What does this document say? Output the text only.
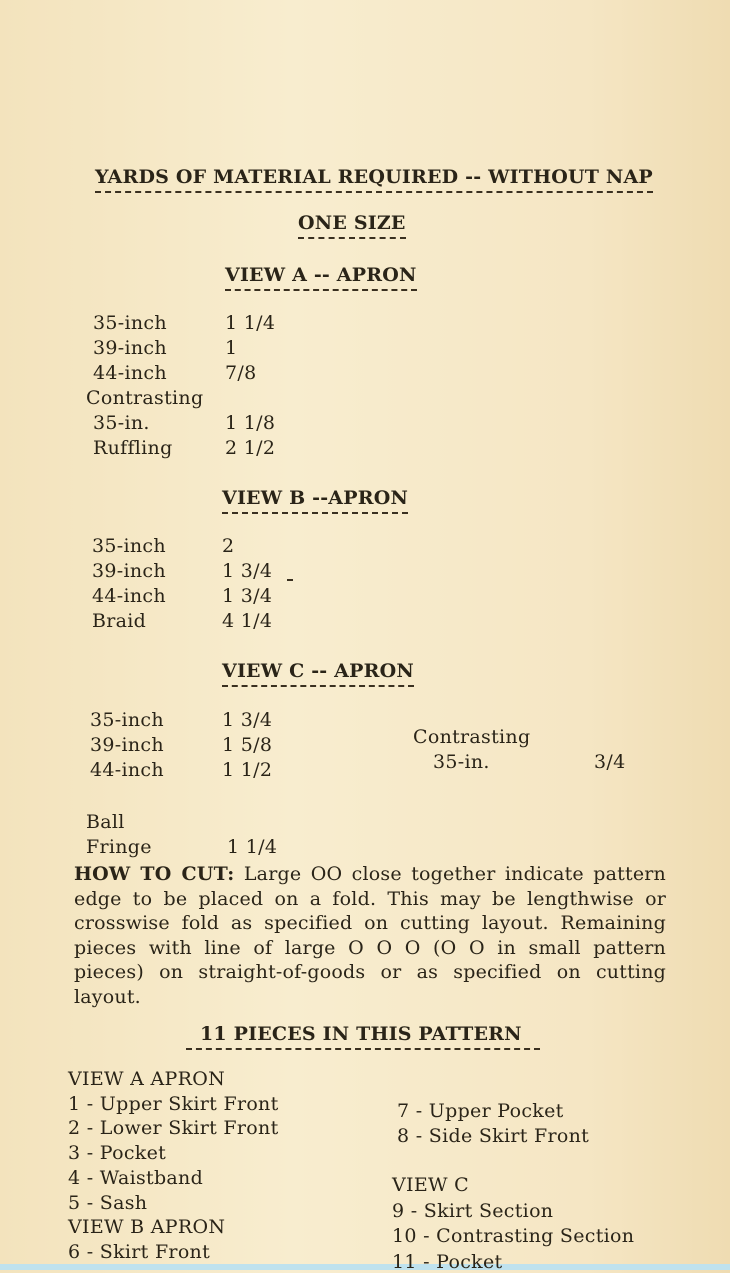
YARDS OF MATERIAL REQUIRED -- WITHOUT NAP
ONE SIZE
VIEW A -- APRON
35-inch	1 1/4
39-inch	1
44-inch	7/8
Contrasting
35-in.	1 1/8
Ruffling	2 1/2
VIEW B --APRON
35-inch	2
39-inch	1 3/4
44-inch	1 3/4
Braid	4 1/4
VIEW C -- APRON
35-inch	1 3/4
39-inch	1 5/8
44-inch	1 1/2
Contrasting
35-in.	3/4
Ball
Fringe	1 1/4
HOW TO CUT: Large OO close together indicate pattern edge to be placed on a fold. This may be lengthwise or crosswise fold as specified on cutting layout. Remaining pieces with line of large O O O (O O in small pattern pieces) on straight-of-goods or as specified on cutting layout.
11 PIECES IN THIS PATTERN
VIEW A APRON
1 - Upper Skirt Front
2 - Lower Skirt Front
3 - Pocket
4 - Waistband
5 - Sash
VIEW B APRON
6 - Skirt Front
7 - Upper Pocket
8 - Side Skirt Front
VIEW C
9 - Skirt Section
10 - Contrasting Section
11 - Pocket
